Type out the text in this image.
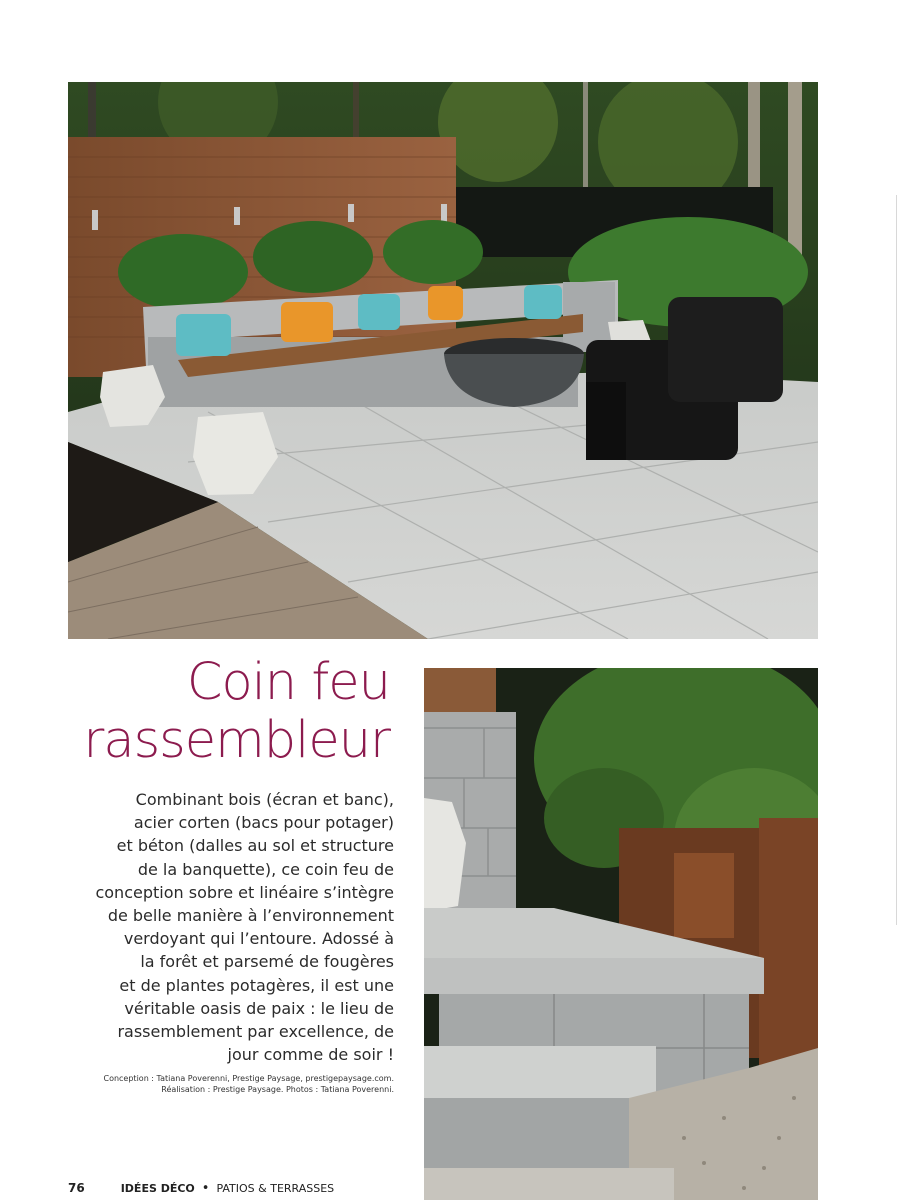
Coin feu
rassembleur

Combinant bois (écran et banc),
acier corten (bacs pour potager)
et béton (dalles au sol et structure
de la banquette), ce coin feu de
conception sobre et linéaire s’intègre
de belle manière à l’environnement
verdoyant qui l’entoure. Adossé à
la forêt et parsemé de fougères
et de plantes potagères, il est une
véritable oasis de paix : le lieu de
rassemblement par excellence, de
jour comme de soir !

Conception : Tatiana Poverenni, Prestige Paysage, prestigepaysage.com.
Réalisation : Prestige Paysage. Photos : Tatiana Poverenni.
76	IDÉES DÉCO • PATIOS & TERRASSES
